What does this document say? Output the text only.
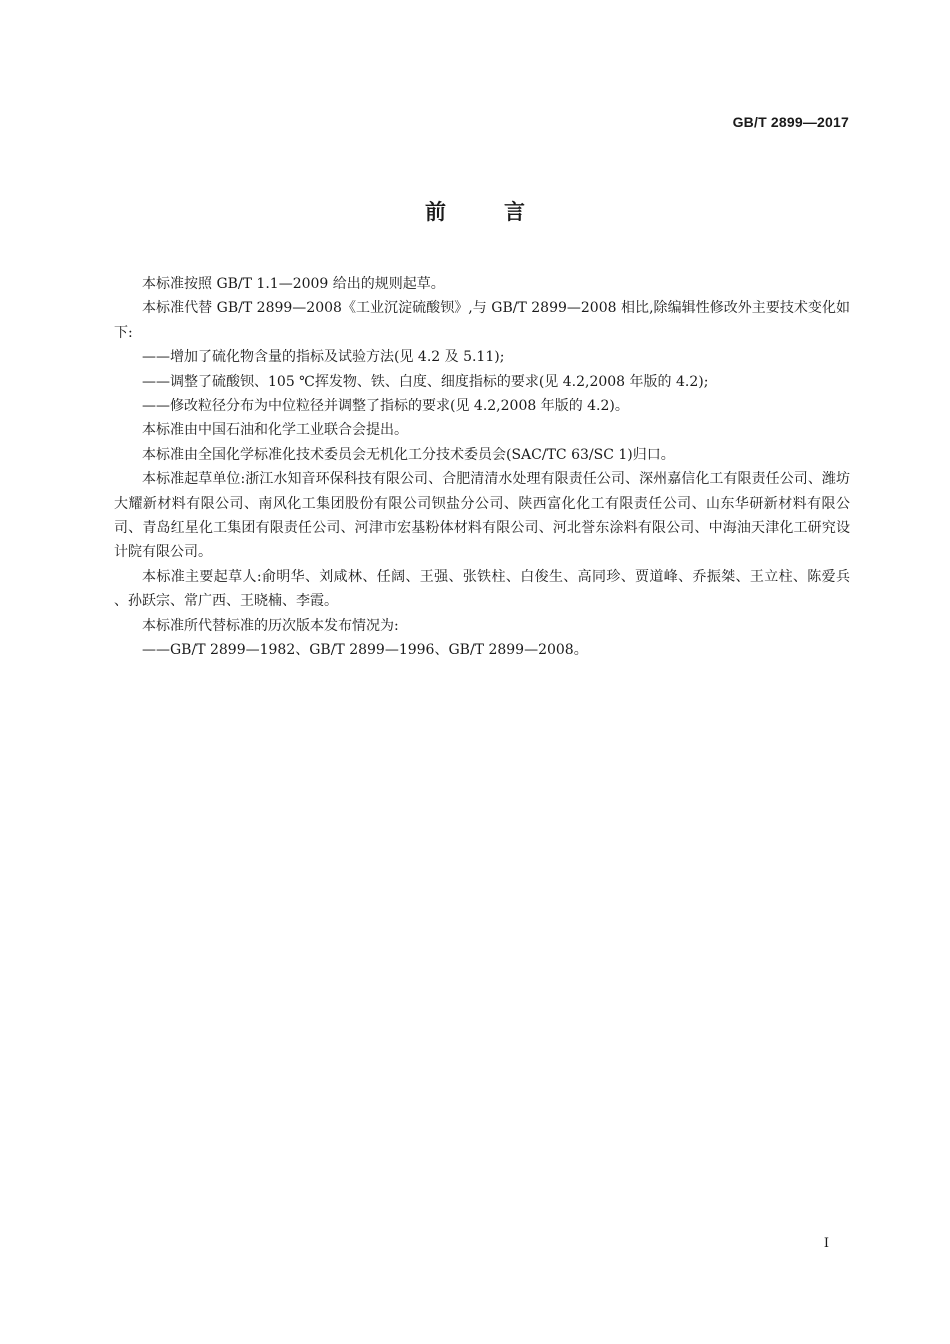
GB/T 2899—2017
前言

本标准按照 GB/T 1.1—2009 给出的规则起草。

本标准代替 GB/T 2899—2008《工业沉淀硫酸钡》,与 GB/T 2899—2008 相比,除编辑性修改外主要技术变化如下:

——增加了硫化物含量的指标及试验方法(见 4.2 及 5.11);

——调整了硫酸钡、105 ℃挥发物、铁、白度、细度指标的要求(见 4.2,2008 年版的 4.2);

——修改粒径分布为中位粒径并调整了指标的要求(见 4.2,2008 年版的 4.2)。

本标准由中国石油和化学工业联合会提出。

本标准由全国化学标准化技术委员会无机化工分技术委员会(SAC/TC 63/SC 1)归口。

本标准起草单位:浙江水知音环保科技有限公司、合肥清清水处理有限责任公司、深州嘉信化工有限责任公司、潍坊大耀新材料有限公司、南风化工集团股份有限公司钡盐分公司、陕西富化化工有限责任公司、山东华研新材料有限公司、青岛红星化工集团有限责任公司、河津市宏基粉体材料有限公司、河北誉东涂料有限公司、中海油天津化工研究设计院有限公司。

本标准主要起草人:俞明华、刘咸林、任阔、王强、张铁柱、白俊生、高同珍、贾道峰、乔振桀、王立柱、陈爱兵 、孙跃宗、常广西、王晓楠、李霞。

本标准所代替标准的历次版本发布情况为:

——GB/T 2899—1982、GB/T 2899—1996、GB/T 2899—2008。

I
